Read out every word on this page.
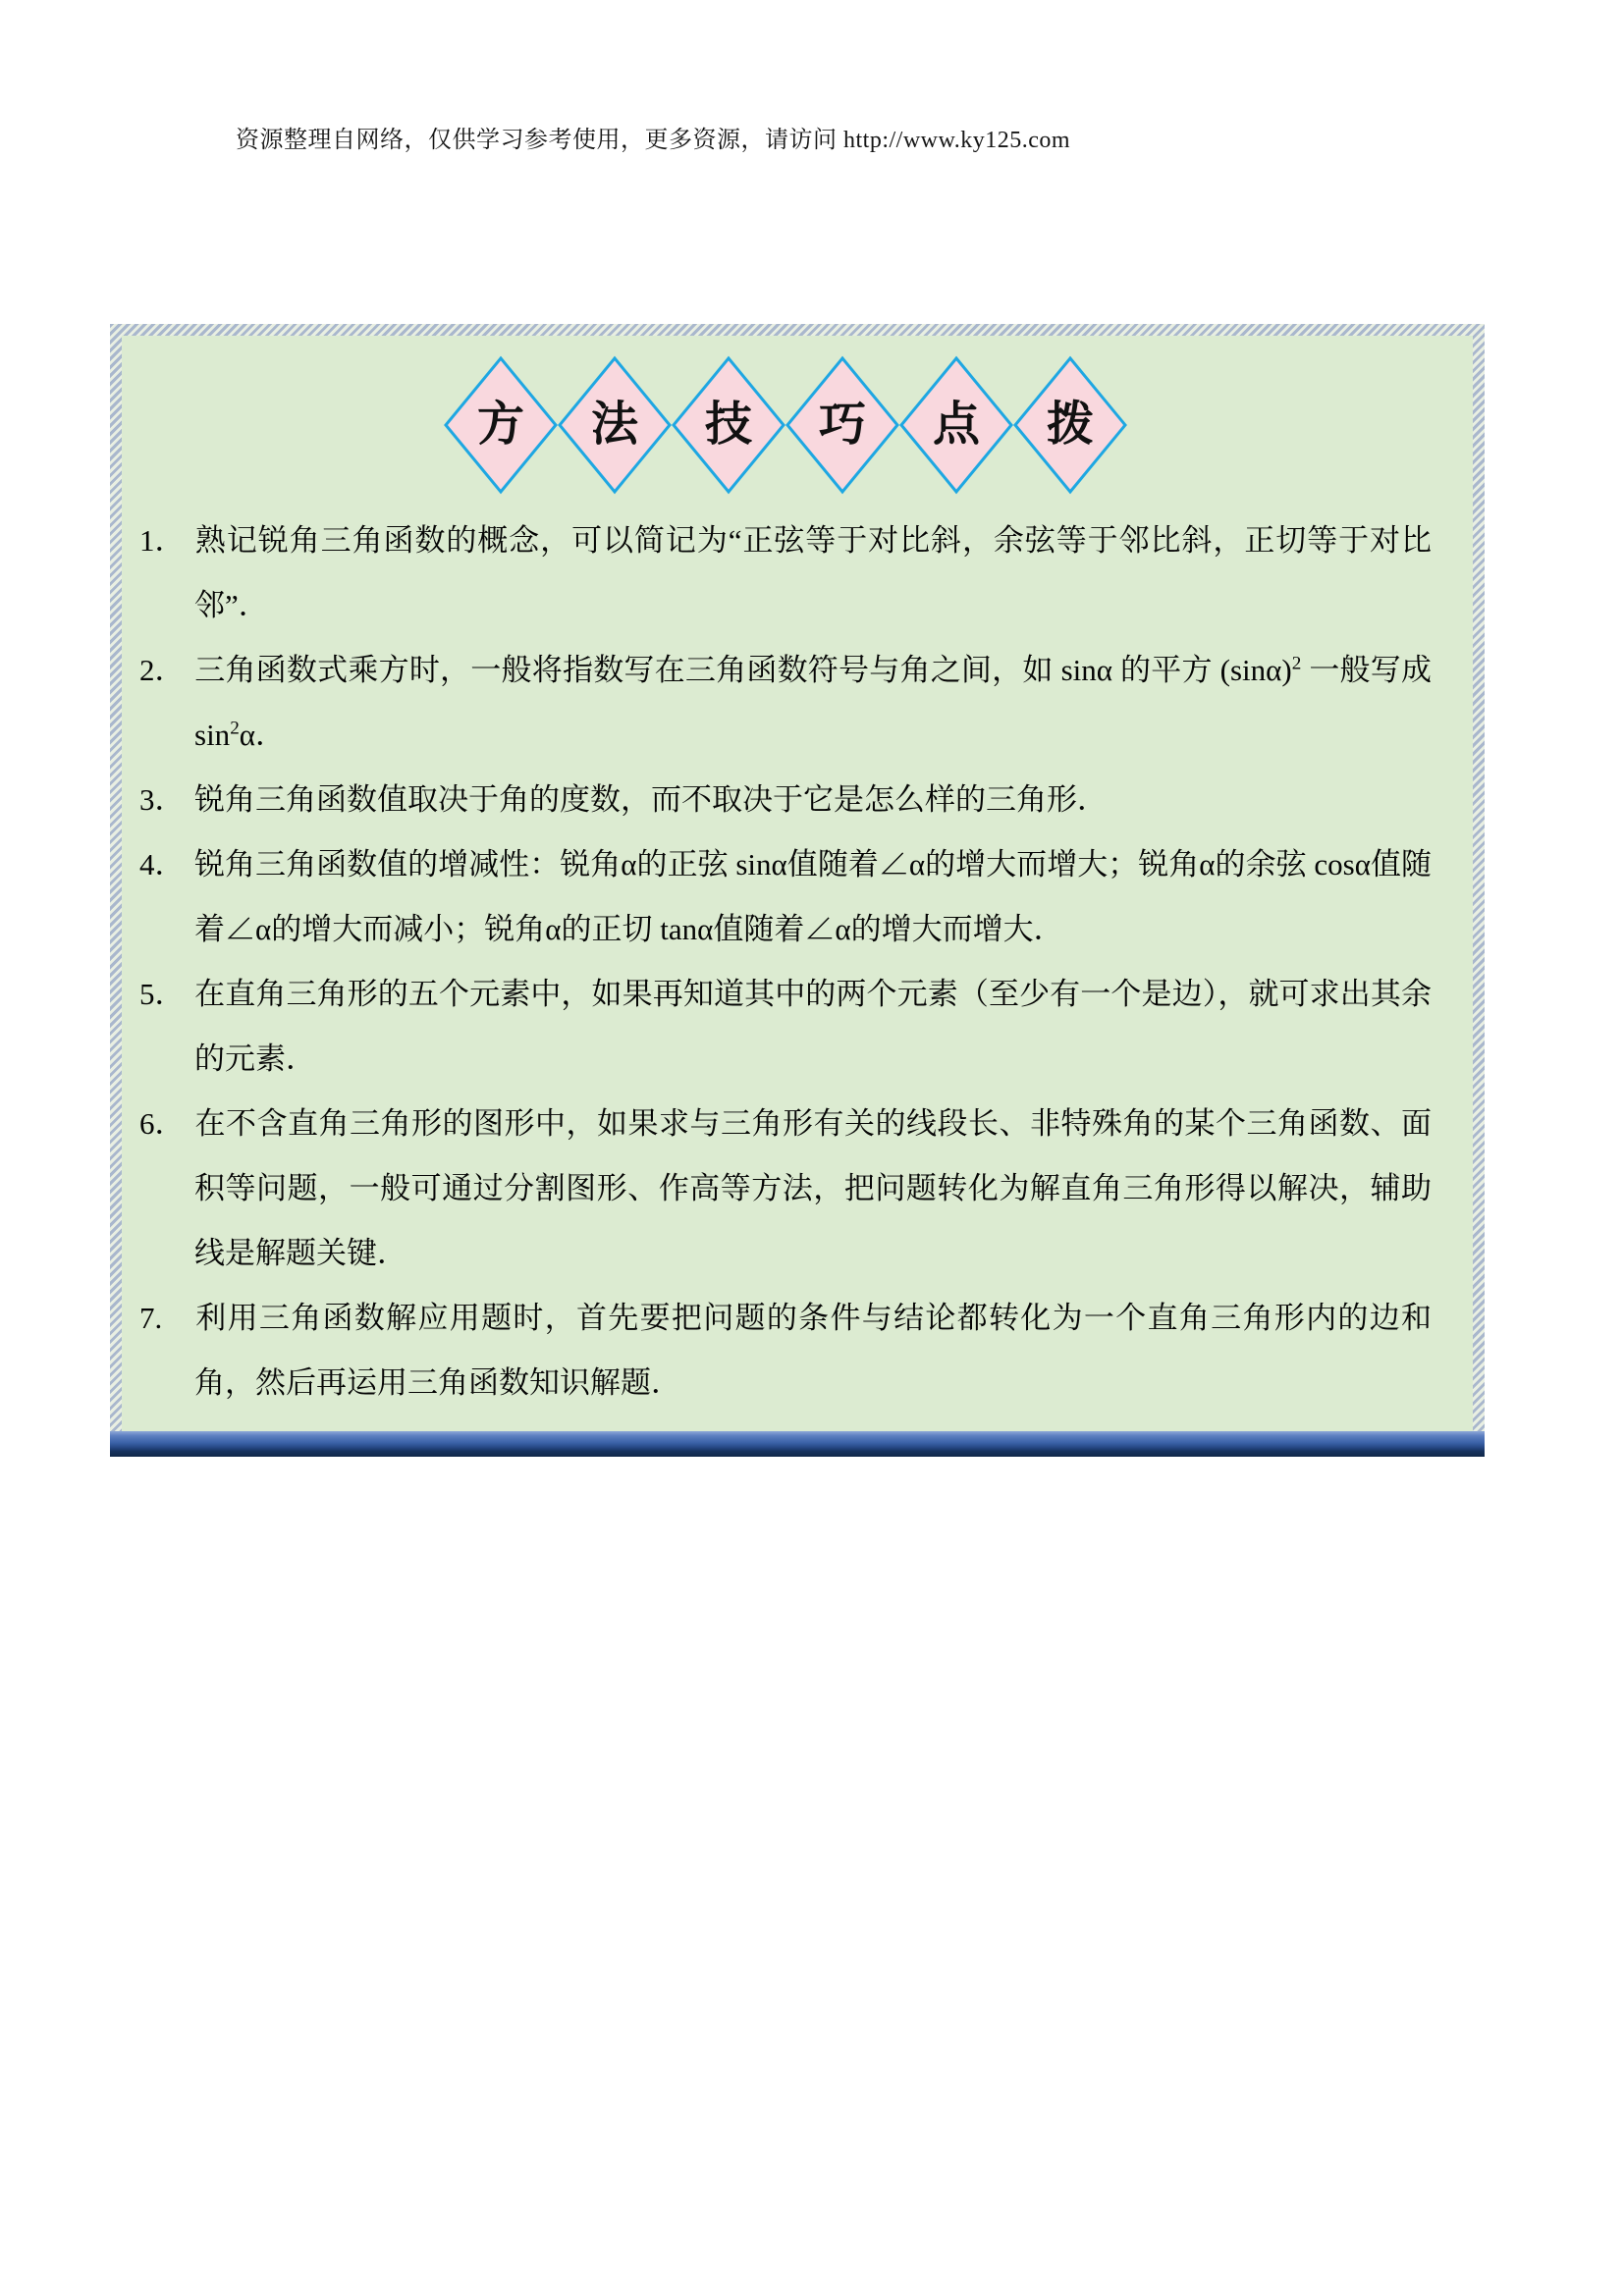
资源整理自网络，仅供学习参考使用，更多资源，请访问 http://www.ky125.com
方 法 技 巧 点 拨
1． 熟记锐角三角函数的概念，可以简记为“正弦等于对比斜，余弦等于邻比斜，正切等于对比邻”．
2． 三角函数式乘方时，一般将指数写在三角函数符号与角之间，如 sinα 的平方 $(\sin\alpha)^2$ 一般写成 $\sin^2\alpha$．
3． 锐角三角函数值取决于角的度数，而不取决于它是怎么样的三角形．
4． 锐角三角函数值的增减性：锐角α的正弦 sinα值随着∠α的增大而增大；锐角α的余弦 cosα值随着∠α的增大而减小；锐角α的正切 tanα值随着∠α的增大而增大．
5． 在直角三角形的五个元素中，如果再知道其中的两个元素（至少有一个是边），就可求出其余的元素．
6． 在不含直角三角形的图形中，如果求与三角形有关的线段长、非特殊角的某个三角函数、面积等问题，一般可通过分割图形、作高等方法，把问题转化为解直角三角形得以解决，辅助线是解题关键．
7. 利用三角函数解应用题时，首先要把问题的条件与结论都转化为一个直角三角形内的边和角，然后再运用三角函数知识解题．
